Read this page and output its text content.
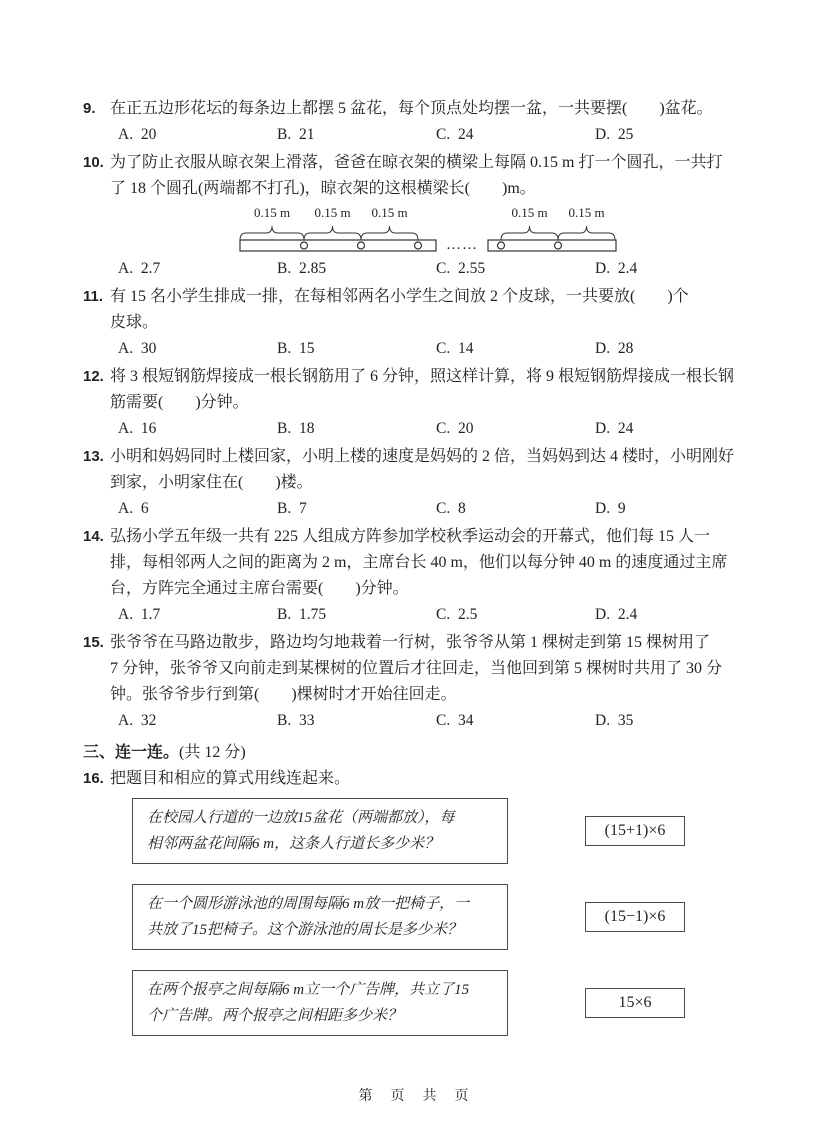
9. 在正五边形花坛的每条边上都摆 5 盆花，每个顶点处均摆一盆，一共要摆(　　)盆花。
A.  20	B.  21	C.  24	D.  25
10. 为了防止衣服从晾衣架上滑落，爸爸在晾衣架的横梁上每隔 0.15 m 打一个圆孔，一共打
了 18 个圆孔(两端都不打孔)，晾衣架的这根横梁长(　　)m。
0.15 m 0.15 m 0.15 m	0.15 m 0.15 m
……
A.  2.7	B.  2.85	C.  2.55	D.  2.4
11. 有 15 名小学生排成一排，在每相邻两名小学生之间放 2 个皮球，一共要放(　　)个
皮球。
A.  30	B.  15	C.  14	D.  28
12. 将 3 根短钢筋焊接成一根长钢筋用了 6 分钟，照这样计算，将 9 根短钢筋焊接成一根长钢
筋需要(　　)分钟。
A.  16	B.  18	C.  20	D.  24
13. 小明和妈妈同时上楼回家，小明上楼的速度是妈妈的 2 倍，当妈妈到达 4 楼时，小明刚好
到家，小明家住在(　　)楼。
A.  6	B.  7	C.  8	D.  9
14. 弘扬小学五年级一共有 225 人组成方阵参加学校秋季运动会的开幕式，他们每 15 人一
排，每相邻两人之间的距离为 2 m，主席台长 40 m，他们以每分钟 40 m 的速度通过主席
台，方阵完全通过主席台需要(　　)分钟。
A.  1.7	B.  1.75	C.  2.5	D.  2.4
15. 张爷爷在马路边散步，路边均匀地栽着一行树，张爷爷从第 1 棵树走到第 15 棵树用了
7 分钟，张爷爷又向前走到某棵树的位置后才往回走，当他回到第 5 棵树时共用了 30 分
钟。张爷爷步行到第(　　)棵树时才开始往回走。
A.  32	B.  33	C.  34	D.  35
三、连一连。(共 12 分)
16. 把题目和相应的算式用线连起来。
在校园人行道的一边放15盆花（两端都放），每
相邻两盆花间隔6 m，这条人行道长多少米？
(15+1)×6
在一个圆形游泳池的周围每隔6 m放一把椅子，一
共放了15把椅子。这个游泳池的周长是多少米？
(15−1)×6
在两个报亭之间每隔6 m立一个广告牌，共立了15
个广告牌。两个报亭之间相距多少米？
15×6
第　页　共　页
